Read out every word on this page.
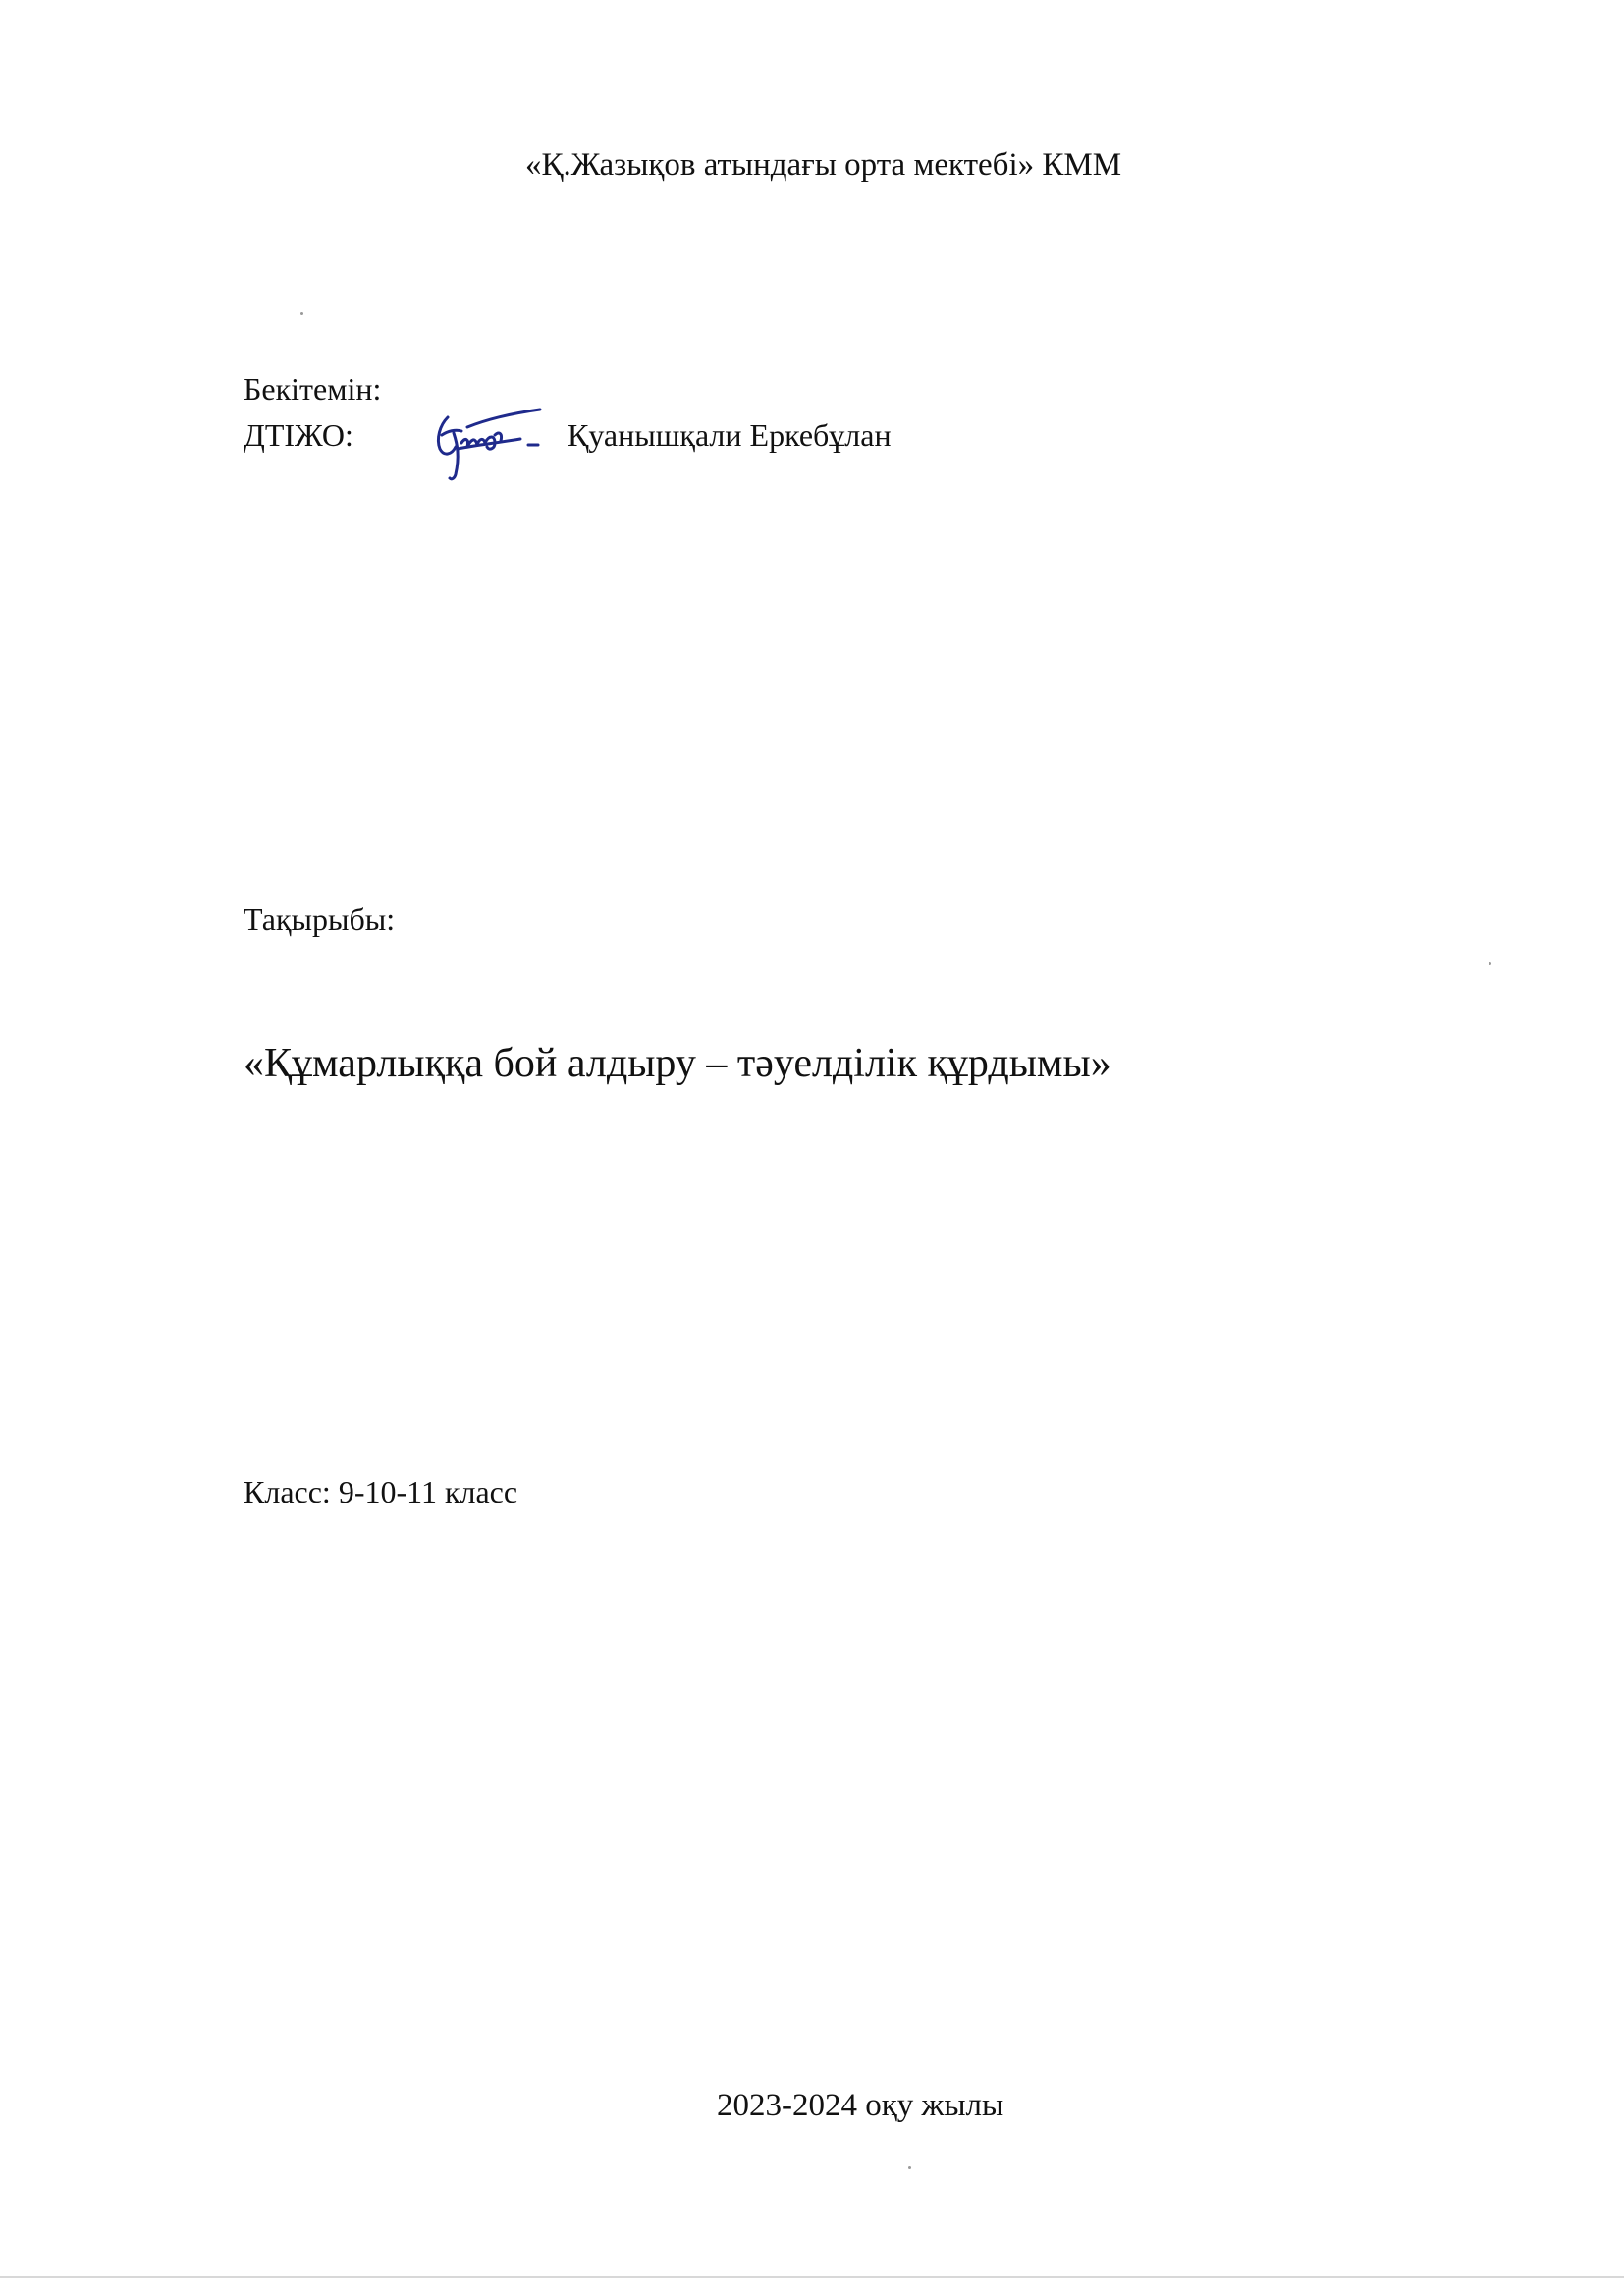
«Қ.Жазықов атындағы орта мектебі» КММ
Бекітемін:
ДТІЖО:	Қуанышқали Еркебұлан
Тақырыбы:
«Құмарлыққа бой алдыру – тәуелділік құрдымы»
Класс: 9-10-11 класс
2023-2024 оқу жылы
